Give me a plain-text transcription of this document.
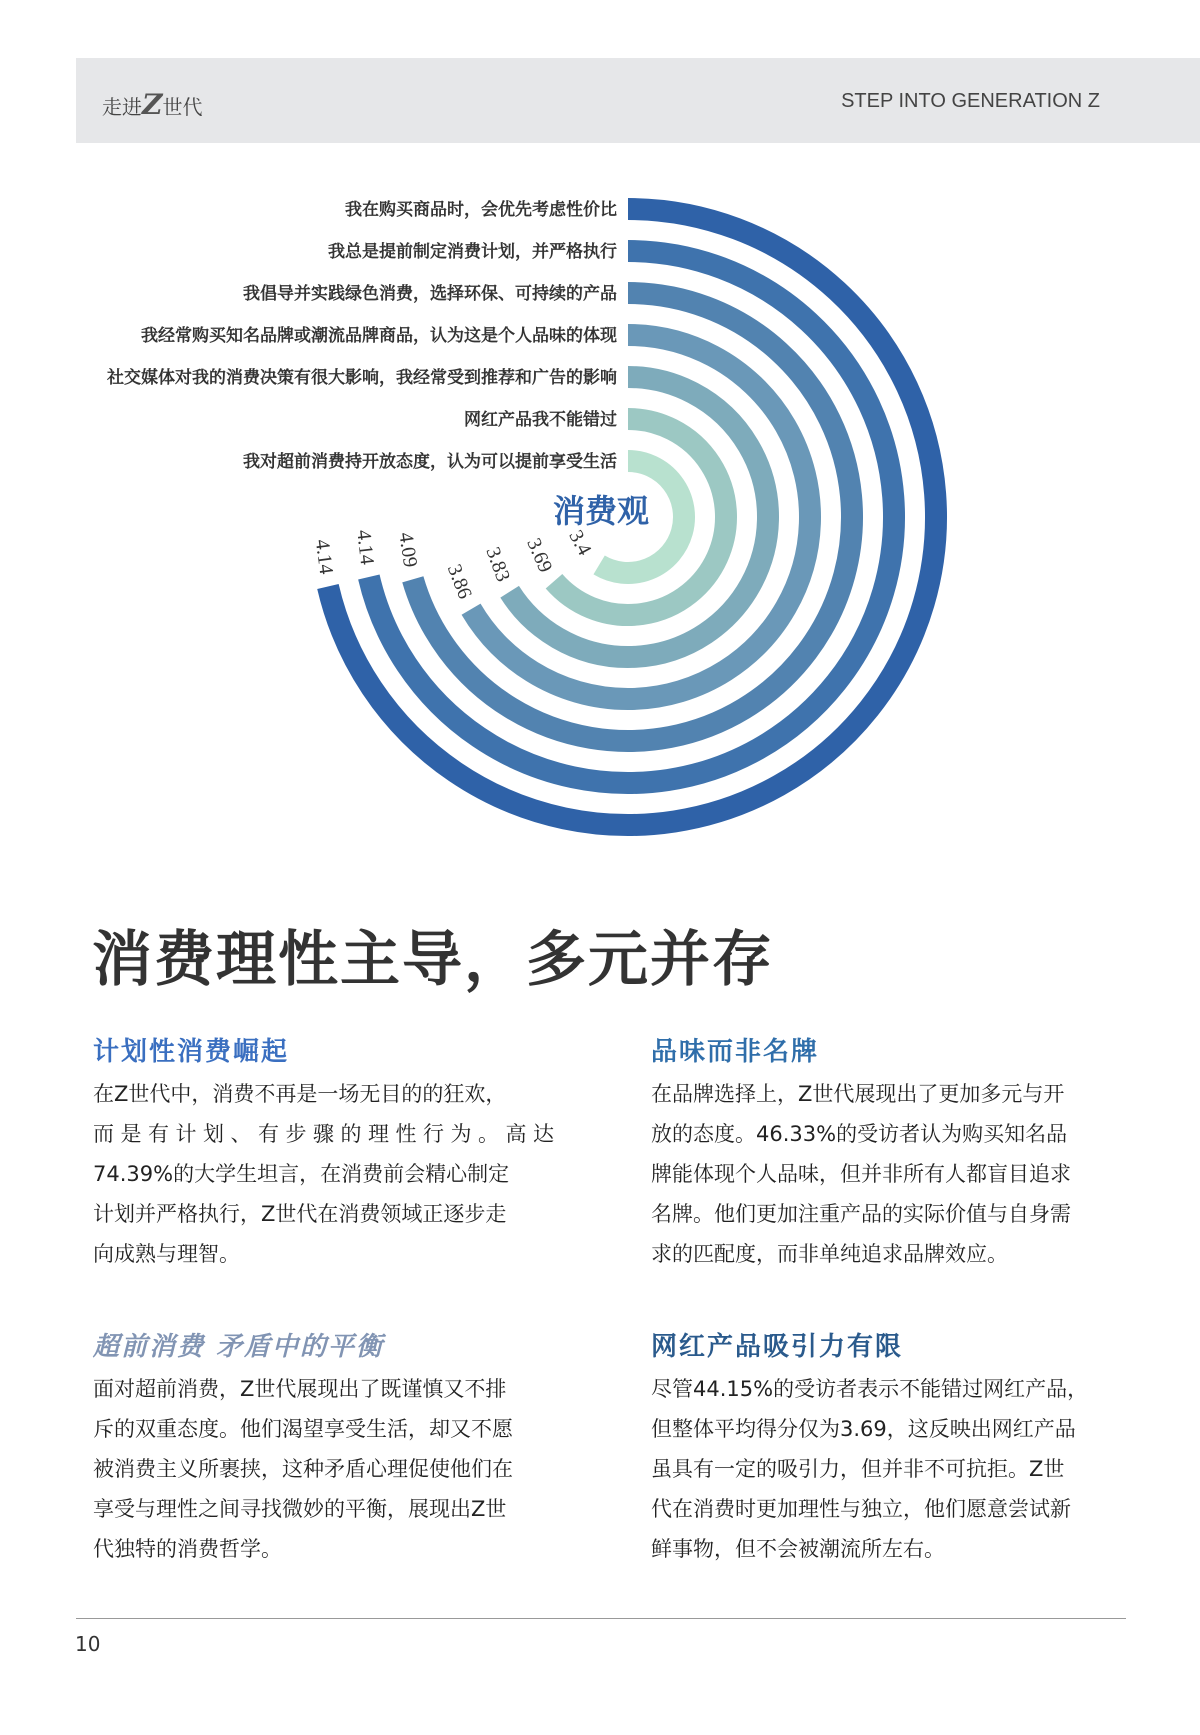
走进Z世代	STEP INTO GENERATION Z
我在购买商品时，会优先考虑性价比
4.14
我总是提前制定消费计划，并严格执行
4.14
我倡导并实践绿色消费，选择环保、可持续的产品
4.09
我经常购买知名品牌或潮流品牌商品，认为这是个人品味的体现
3.86
社交媒体对我的消费决策有很大影响，我经常受到推荐和广告的影响
3.83
网红产品我不能错过
3.69
我对超前消费持开放态度，认为可以提前享受生活
3.4
消费观
消费理性主导，多元并存
计划性消费崛起
在Z世代中，消费不再是一场无目的的狂欢，
而是有计划、有步骤的理性行为。高达
74.39%的大学生坦言，在消费前会精心制定
计划并严格执行，Z世代在消费领域正逐步走
向成熟与理智。
品味而非名牌
在品牌选择上，Z世代展现出了更加多元与开
放的态度。46.33%的受访者认为购买知名品
牌能体现个人品味，但并非所有人都盲目追求
名牌。他们更加注重产品的实际价值与自身需
求的匹配度，而非单纯追求品牌效应。
超前消费 矛盾中的平衡
面对超前消费，Z世代展现出了既谨慎又不排
斥的双重态度。他们渴望享受生活，却又不愿
被消费主义所裹挟，这种矛盾心理促使他们在
享受与理性之间寻找微妙的平衡，展现出Z世
代独特的消费哲学。
网红产品吸引力有限
尽管44.15%的受访者表示不能错过网红产品，
但整体平均得分仅为3.69，这反映出网红产品
虽具有一定的吸引力，但并非不可抗拒。Z世
代在消费时更加理性与独立，他们愿意尝试新
鲜事物，但不会被潮流所左右。
10
